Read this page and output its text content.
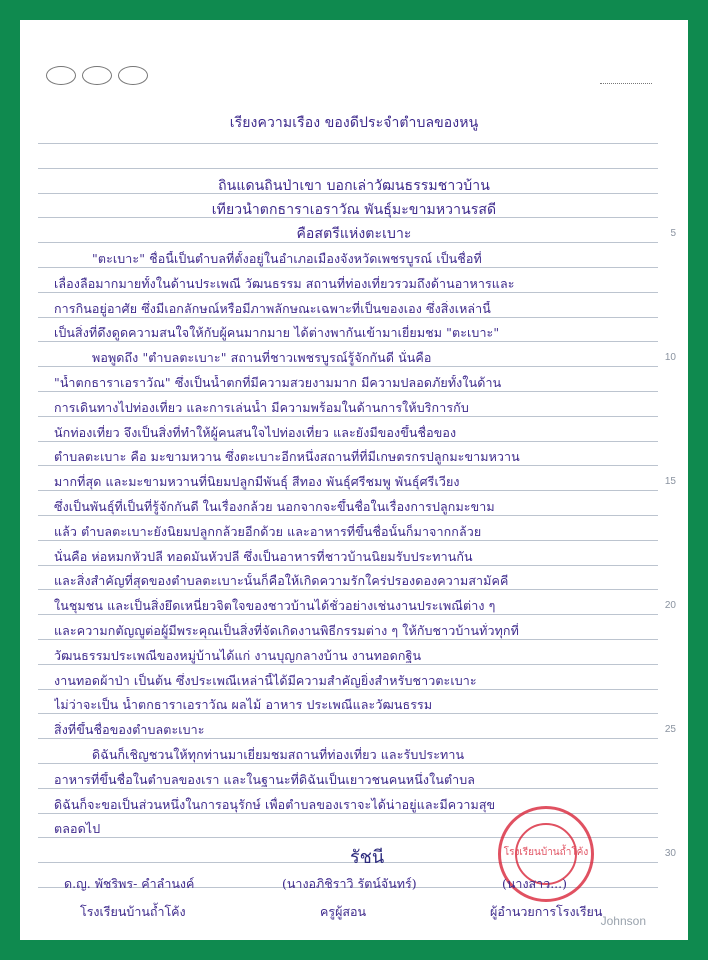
5
10
15
20
25
30
เรียงความเรื่อง ของดีประจำตำบลของหนู
ถิ่นแดนถิ่นป่าเขา บอกเล่าวัฒนธรรมชาวบ้าน
เที่ยวน้ำตกธาราเอราวัณ พันธุ์มะขามหวานรสดี
คือสตรีแห่งตะเบาะ
"ตะเบาะ" ชื่อนี้เป็นตำบลที่ตั้งอยู่ในอำเภอเมืองจังหวัดเพชรบูรณ์ เป็นชื่อที่
เลื่องลือมากมายทั้งในด้านประเพณี วัฒนธรรม สถานที่ท่องเที่ยวรวมถึงด้านอาหารและ
การกินอยู่อาศัย ซึ่งมีเอกลักษณ์หรือมีภาพลักษณะเฉพาะที่เป็นของเอง ซึ่งสิ่งเหล่านี้
เป็นสิ่งที่ดึงดูดความสนใจให้กับผู้คนมากมาย ได้ต่างพากันเข้ามาเยี่ยมชม "ตะเบาะ"
พอพูดถึง "ตำบลตะเบาะ" สถานที่ชาวเพชรบูรณ์รู้จักกันดี นั่นคือ
"น้ำตกธาราเอราวัณ" ซึ่งเป็นน้ำตกที่มีความสวยงามมาก มีความปลอดภัยทั้งในด้าน
การเดินทางไปท่องเที่ยว และการเล่นน้ำ มีความพร้อมในด้านการให้บริการกับ
นักท่องเที่ยว จึงเป็นสิ่งที่ทำให้ผู้คนสนใจไปท่องเที่ยว และยังมีของขึ้นชื่อของ
ตำบลตะเบาะ คือ มะขามหวาน ซึ่งตะเบาะอีกหนึ่งสถานที่ที่มีเกษตรกรปลูกมะขามหวาน
มากที่สุด และมะขามหวานที่นิยมปลูกมีพันธุ์ สีทอง พันธุ์ศรีชมพู พันธุ์ศรีเวียง
ซึ่งเป็นพันธุ์ที่เป็นที่รู้จักกันดี ในเรื่องกล้วย นอกจากจะขึ้นชื่อในเรื่องการปลูกมะขาม
แล้ว ตำบลตะเบาะยังนิยมปลูกกล้วยอีกด้วย และอาหารที่ขึ้นชื่อนั้นก็มาจากกล้วย
นั่นคือ ห่อหมกหัวปลี ทอดมันหัวปลี ซึ่งเป็นอาหารที่ชาวบ้านนิยมรับประทานกัน
และสิ่งสำคัญที่สุดของตำบลตะเบาะนั้นก็คือให้เกิดความรักใคร่ปรองดองความสามัคคี
ในชุมชน และเป็นสิ่งยึดเหนี่ยวจิตใจของชาวบ้านได้ชั่วอย่างเช่นงานประเพณีต่าง ๆ
และความกตัญญูต่อผู้มีพระคุณเป็นสิ่งที่จัดเกิดงานพิธีกรรมต่าง ๆ ให้กับชาวบ้านทั่วทุกที่
วัฒนธรรมประเพณีของหมู่บ้านได้แก่ งานบุญกลางบ้าน งานทอดกฐิน
งานทอดผ้าป่า เป็นต้น ซึ่งประเพณีเหล่านี้ได้มีความสำคัญยิ่งสำหรับชาวตะเบาะ
ไม่ว่าจะเป็น น้ำตกธาราเอราวัณ ผลไม้ อาหาร ประเพณีและวัฒนธรรม
สิ่งที่ขึ้นชื่อของตำบลตะเบาะ
ดิฉันก็เชิญชวนให้ทุกท่านมาเยี่ยมชมสถานที่ท่องเที่ยว และรับประทาน
อาหารที่ขึ้นชื่อในตำบลของเรา และในฐานะที่ดิฉันเป็นเยาวชนคนหนึ่งในตำบล
ดิฉันก็จะขอเป็นส่วนหนึ่งในการอนุรักษ์ เพื่อตำบลของเราจะได้น่าอยู่และมีความสุข
ตลอดไป
รัชนี	โรงเรียนบ้านถ้ำโค้ง
ด.ญ. พัชริพร- คำลำนงค์	(นางอภิชิราวิ รัตน์จันทร์)	(นางสาว...)
โรงเรียนบ้านถ้ำโค้ง	ครูผู้สอน	ผู้อำนวยการโรงเรียน
Johnson
